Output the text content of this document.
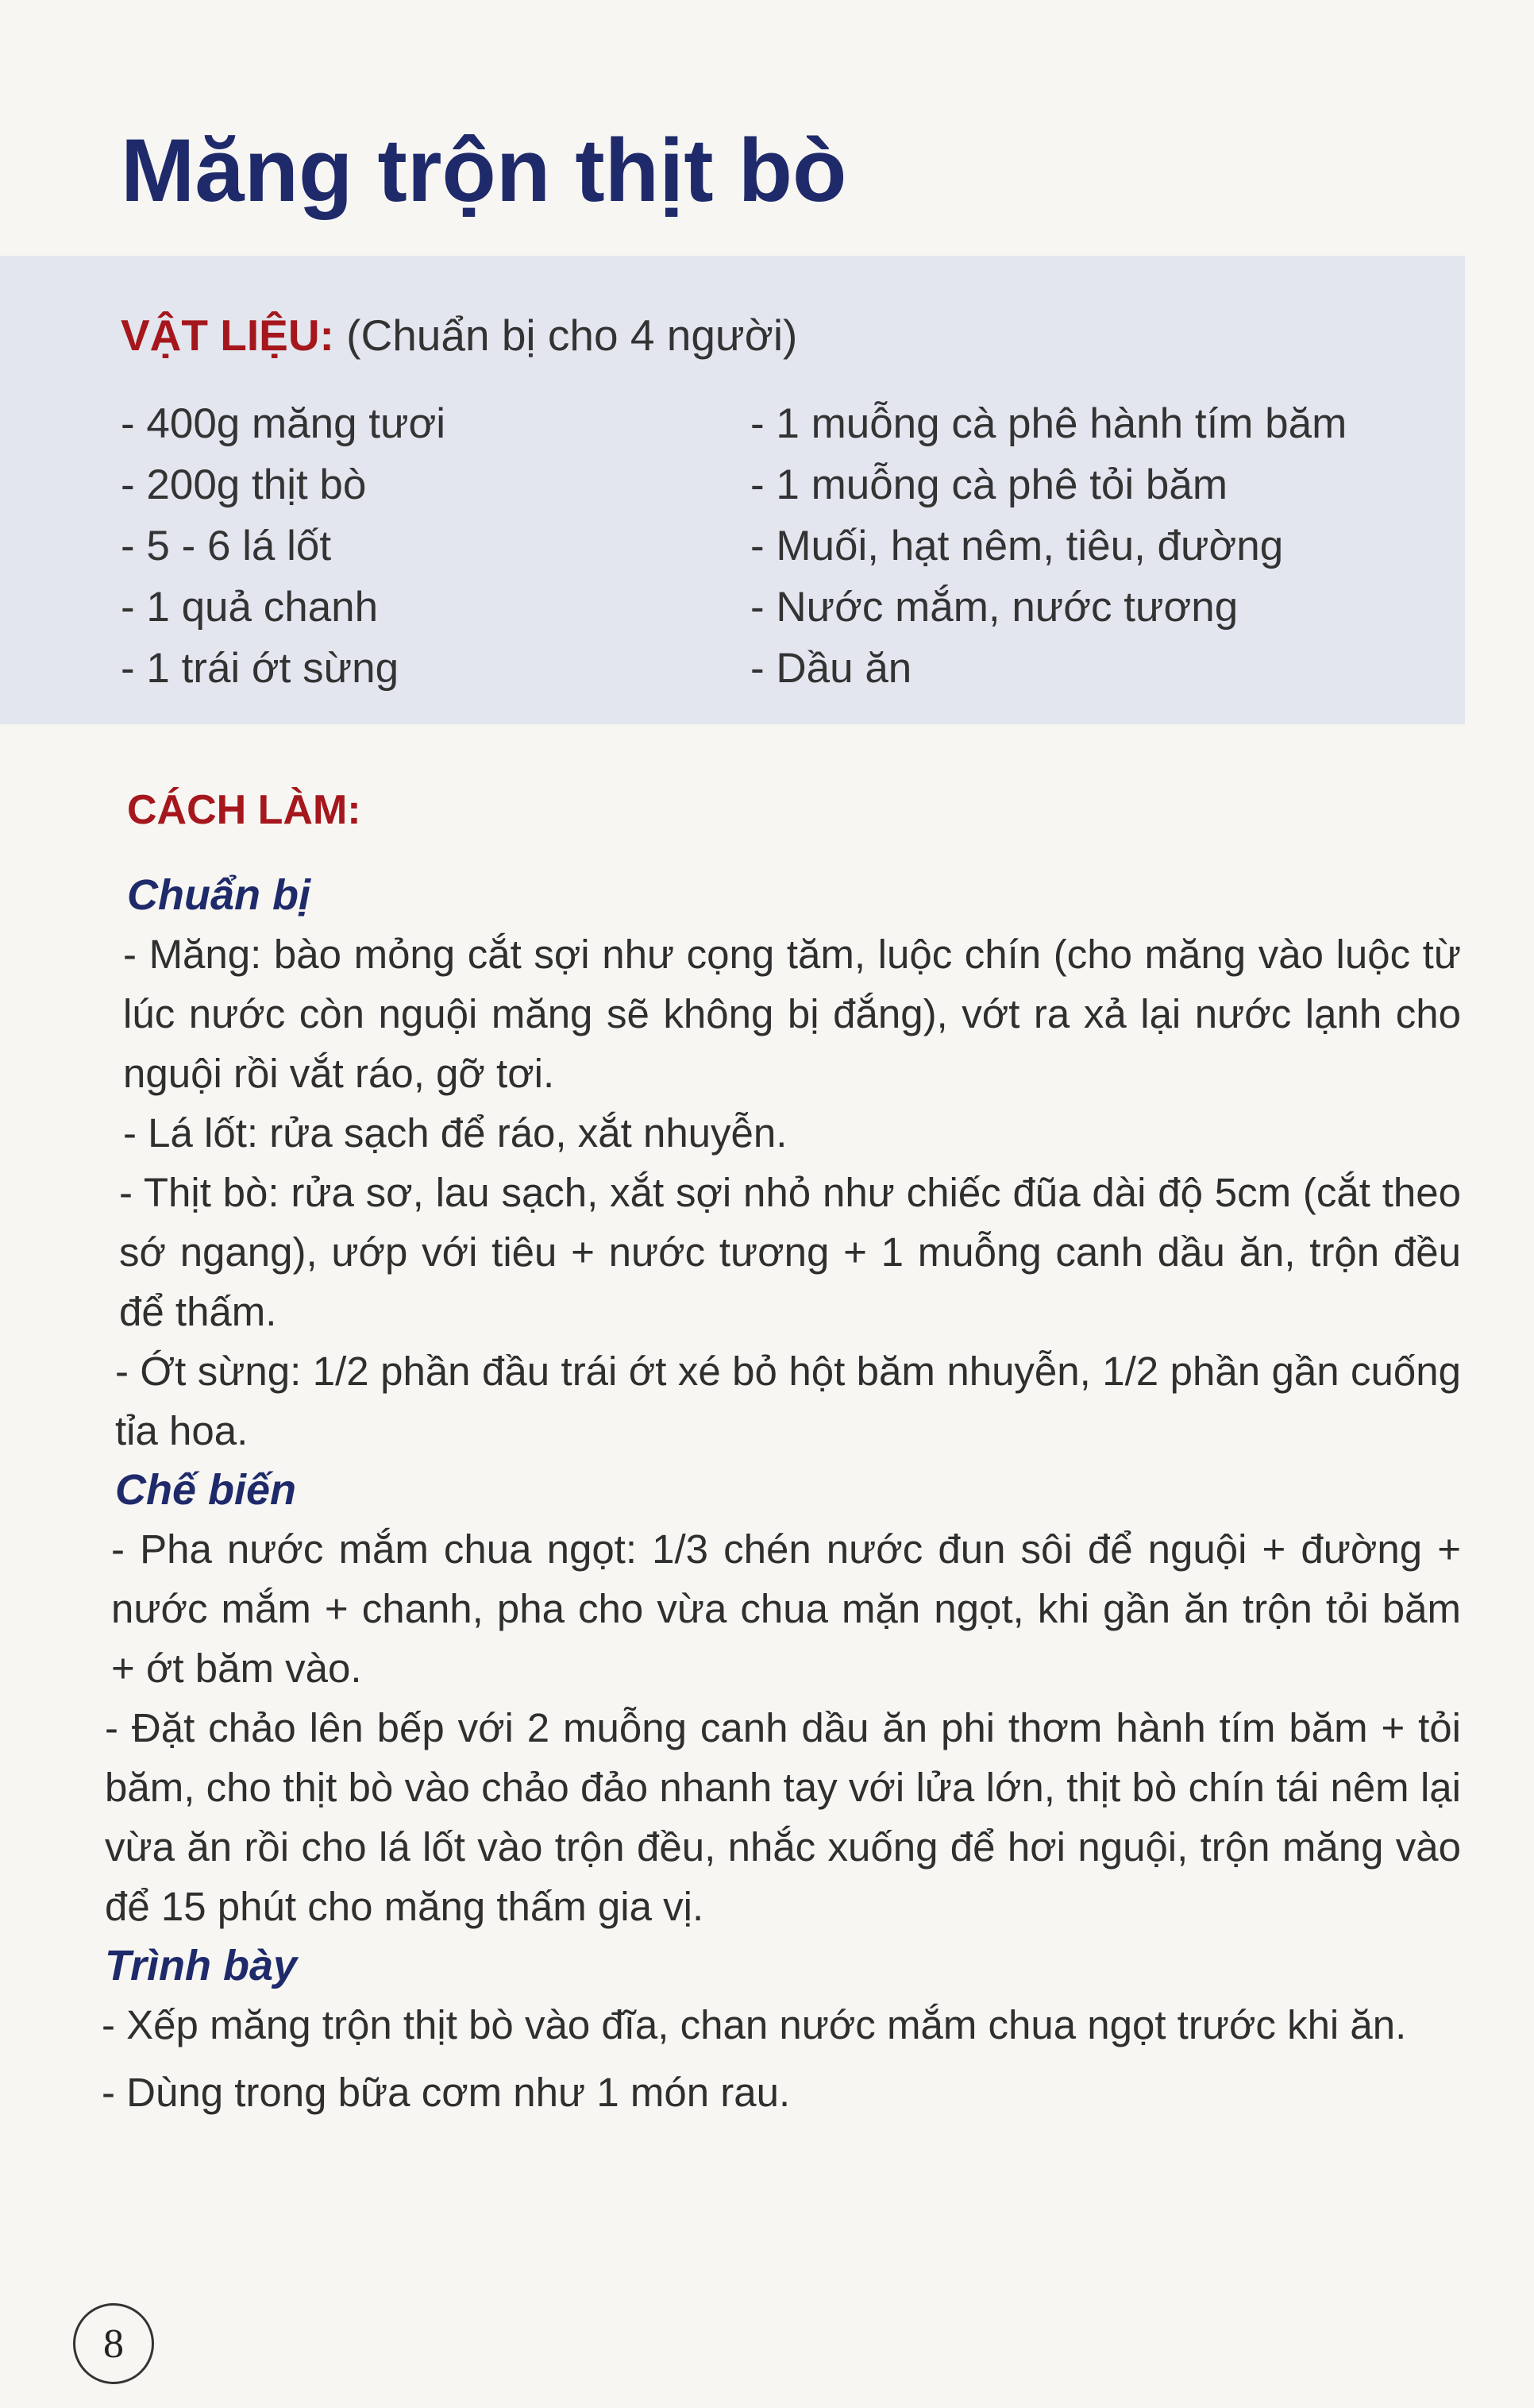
Măng trộn thịt bò
VẬT LIỆU: (Chuẩn bị cho 4 người)
- 400g măng tươi
- 200g thịt bò
- 5 - 6 lá lốt
- 1 quả chanh
- 1 trái ớt sừng
- 1 muỗng cà phê hành tím băm
- 1 muỗng cà phê tỏi băm
- Muối, hạt nêm, tiêu, đường
- Nước mắm, nước tương
- Dầu ăn

CÁCH LÀM:

Chuẩn bị

- Măng: bào mỏng cắt sợi như cọng tăm, luộc chín (cho măng vào luộc từ lúc nước còn nguội măng sẽ không bị đắng), vớt ra xả lại nước lạnh cho nguội rồi vắt ráo, gỡ tơi.

- Lá lốt: rửa sạch để ráo, xắt nhuyễn.

- Thịt bò: rửa sơ, lau sạch, xắt sợi nhỏ như chiếc đũa dài độ 5cm (cắt theo sớ ngang), ướp với tiêu + nước tương + 1 muỗng canh dầu ăn, trộn đều để thấm.

- Ớt sừng: 1/2 phần đầu trái ớt xé bỏ hột băm nhuyễn, 1/2 phần gần cuống tỉa hoa.

Chế biến

- Pha nước mắm chua ngọt: 1/3 chén nước đun sôi để nguội + đường + nước mắm + chanh, pha cho vừa chua mặn ngọt, khi gần ăn trộn tỏi băm + ớt băm vào.

- Đặt chảo lên bếp với 2 muỗng canh dầu ăn phi thơm hành tím băm + tỏi băm, cho thịt bò vào chảo đảo nhanh tay với lửa lớn, thịt bò chín tái nêm lại vừa ăn rồi cho lá lốt vào trộn đều, nhắc xuống để hơi nguội, trộn măng vào để 15 phút cho măng thấm gia vị.

Trình bày

- Xếp măng trộn thịt bò vào đĩa, chan nước mắm chua ngọt trước khi ăn.

- Dùng trong bữa cơm như 1 món rau.

8
